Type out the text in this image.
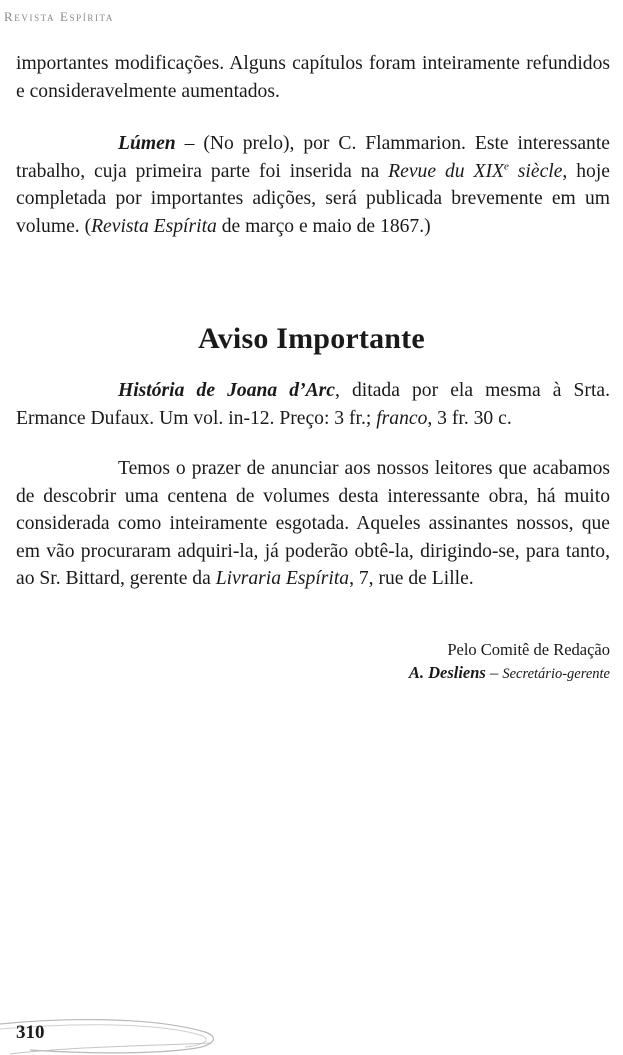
Revista Espírita

importantes modificações. Alguns capítulos foram inteiramente refundidos e consideravelmente aumentados.

Lúmen – (No prelo), por C. Flammarion. Este interessante trabalho, cuja primeira parte foi inserida na Revue du XIXe siècle, hoje completada por importantes adições, será publicada brevemente em um volume. (Revista Espírita de março e maio de 1867.)

Aviso Importante

História de Joana d’Arc, ditada por ela mesma à Srta. Ermance Dufaux. Um vol. in-12. Preço: 3 fr.; franco, 3 fr. 30 c.

Temos o prazer de anunciar aos nossos leitores que acabamos de descobrir uma centena de volumes desta interessante obra, há muito considerada como inteiramente esgotada. Aqueles assinantes nossos, que em vão procuraram adquiri-la, já poderão obtê-la, dirigindo-se, para tanto, ao Sr. Bittard, gerente da Livraria Espírita, 7, rue de Lille.

Pelo Comitê de Redação
A. Desliens – Secretário-gerente
310
